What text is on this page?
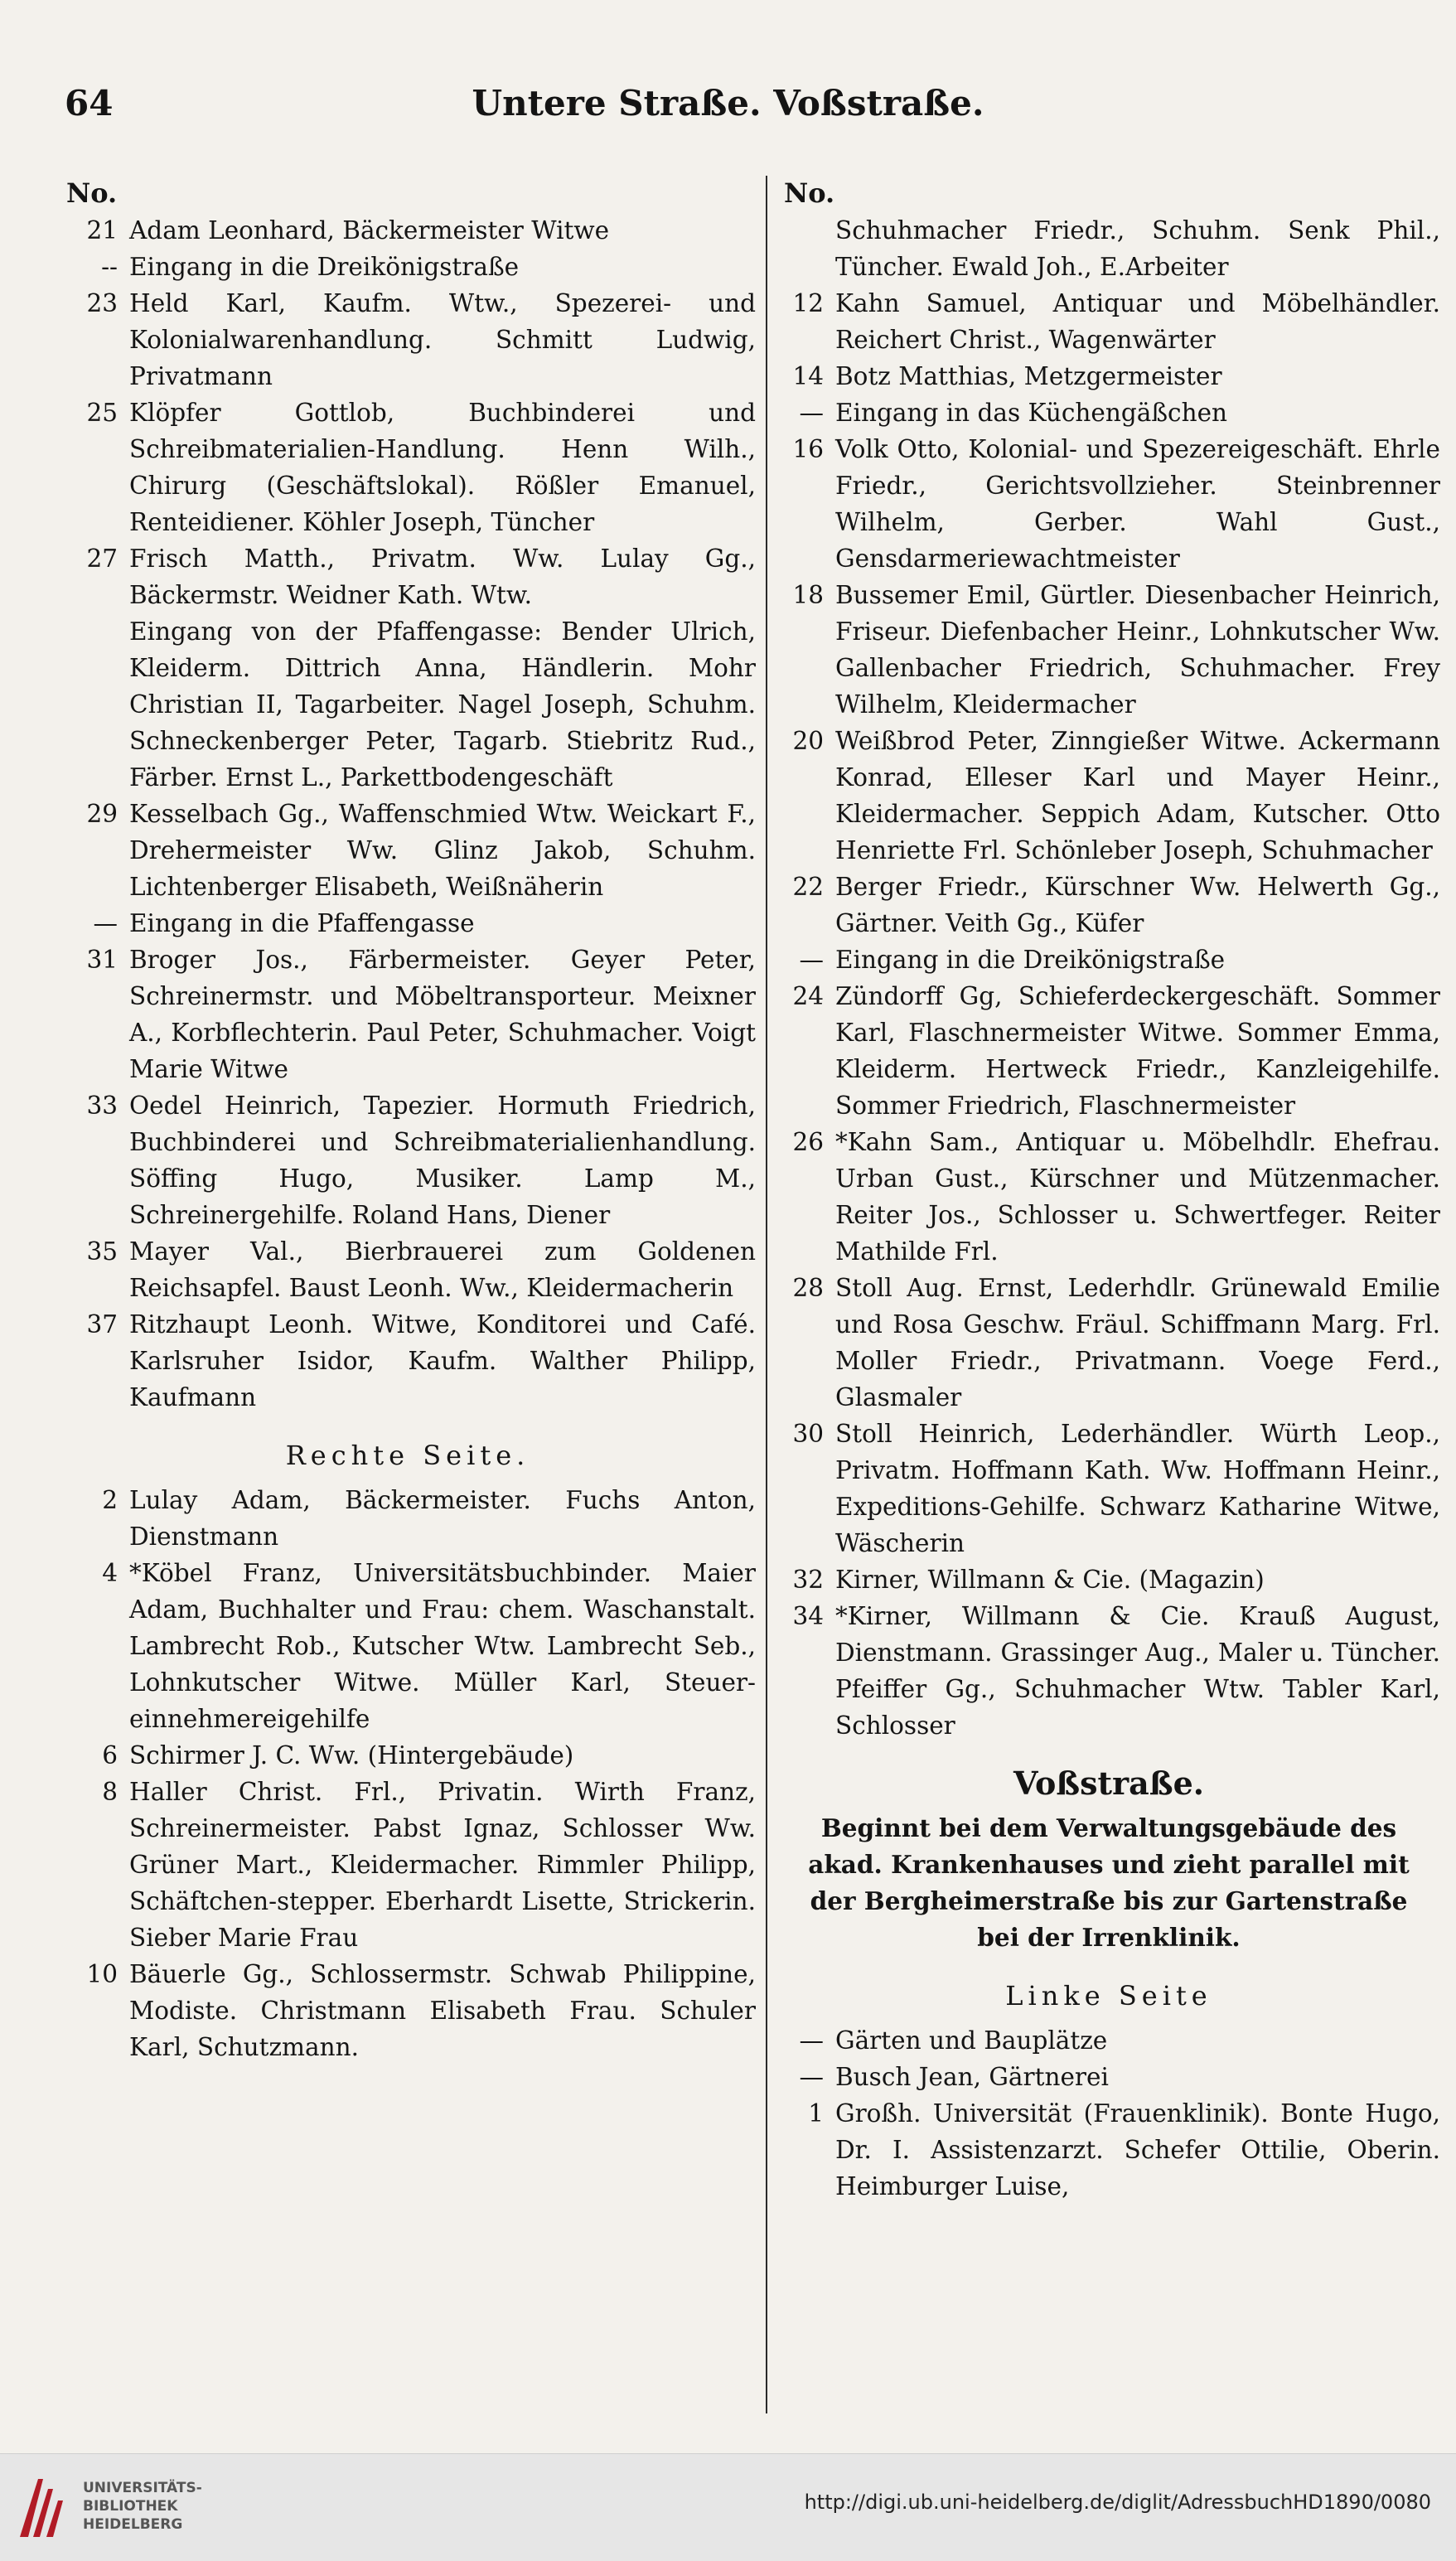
64	Untere Straße. Voßstraße.
No.
21 Adam Leonhard, Bäckermeister Witwe
-- Eingang in die Dreikönigstraße
23 Held Karl, Kaufm. Wtw., Spezerei- und Kolonialwarenhandlung. Schmitt Ludwig, Privatmann
25 Klöpfer Gottlob, Buchbinderei und Schreibmaterialien-Handlung. Henn Wilh., Chirurg (Geschäftslokal). Rößler Emanuel, Renteidiener. Köhler Joseph, Tüncher
27 Frisch Matth., Privatm. Ww. Lulay Gg., Bäckermstr. Weidner Kath. Wtw.
Eingang von der Pfaffengasse: Bender Ulrich, Kleiderm. Dittrich Anna, Händlerin. Mohr Christian II, Tagarbeiter. Nagel Joseph, Schuhm. Schneckenberger Peter, Tagarb. Stiebritz Rud., Färber. Ernst L., Parkettbodengeschäft
29 Kesselbach Gg., Waffenschmied Wtw. Weickart F., Drehermeister Ww. Glinz Jakob, Schuhm. Lichtenberger Elisabeth, Weißnäherin
— Eingang in die Pfaffengasse
31 Broger Jos., Färbermeister. Geyer Peter, Schreinermstr. und Möbeltransporteur. Meixner A., Korbflechterin. Paul Peter, Schuhmacher. Voigt Marie Witwe
33 Oedel Heinrich, Tapezier. Hormuth Friedrich, Buchbinderei und Schreibmaterialienhandlung. Söffing Hugo, Musiker. Lamp M., Schreinergehilfe. Roland Hans, Diener
35 Mayer Val., Bierbrauerei zum Goldenen Reichsapfel. Baust Leonh. Ww., Kleidermacherin
37 Ritzhaupt Leonh. Witwe, Konditorei und Café. Karlsruher Isidor, Kaufm. Walther Philipp, Kaufmann
Rechte Seite.
2 Lulay Adam, Bäckermeister. Fuchs Anton, Dienstmann
4 *Köbel Franz, Universitätsbuchbinder. Maier Adam, Buchhalter und Frau: chem. Waschanstalt. Lambrecht Rob., Kutscher Wtw. Lambrecht Seb., Lohnkutscher Witwe. Müller Karl, Steuer-einnehmereigehilfe
6 Schirmer J. C. Ww. (Hintergebäude)
8 Haller Christ. Frl., Privatin. Wirth Franz, Schreinermeister. Pabst Ignaz, Schlosser Ww. Grüner Mart., Kleidermacher. Rimmler Philipp, Schäftchen-stepper. Eberhardt Lisette, Strickerin. Sieber Marie Frau
10 Bäuerle Gg., Schlossermstr. Schwab Philippine, Modiste. Christmann Elisabeth Frau. Schuler Karl, Schutzmann.
No.
Schuhmacher Friedr., Schuhm. Senk Phil., Tüncher. Ewald Joh., E.Arbeiter
12 Kahn Samuel, Antiquar und Möbelhändler. Reichert Christ., Wagenwärter
14 Botz Matthias, Metzgermeister
— Eingang in das Küchengäßchen
16 Volk Otto, Kolonial- und Spezereigeschäft. Ehrle Friedr., Gerichtsvollzieher. Steinbrenner Wilhelm, Gerber. Wahl Gust., Gensdarmeriewachtmeister
18 Bussemer Emil, Gürtler. Diesenbacher Heinrich, Friseur. Diefenbacher Heinr., Lohnkutscher Ww. Gallenbacher Friedrich, Schuhmacher. Frey Wilhelm, Kleidermacher
20 Weißbrod Peter, Zinngießer Witwe. Ackermann Konrad, Elleser Karl und Mayer Heinr., Kleidermacher. Seppich Adam, Kutscher. Otto Henriette Frl. Schönleber Joseph, Schuhmacher
22 Berger Friedr., Kürschner Ww. Helwerth Gg., Gärtner. Veith Gg., Küfer
— Eingang in die Dreikönigstraße
24 Zündorff Gg, Schieferdeckergeschäft. Sommer Karl, Flaschnermeister Witwe. Sommer Emma, Kleiderm. Hertweck Friedr., Kanzleigehilfe. Sommer Friedrich, Flaschnermeister
26 *Kahn Sam., Antiquar u. Möbelhdlr. Ehefrau. Urban Gust., Kürschner und Mützenmacher. Reiter Jos., Schlosser u. Schwertfeger. Reiter Mathilde Frl.
28 Stoll Aug. Ernst, Lederhdlr. Grünewald Emilie und Rosa Geschw. Fräul. Schiffmann Marg. Frl. Moller Friedr., Privatmann. Voege Ferd., Glasmaler
30 Stoll Heinrich, Lederhändler. Würth Leop., Privatm. Hoffmann Kath. Ww. Hoffmann Heinr., Expeditions-Gehilfe. Schwarz Katharine Witwe, Wäscherin
32 Kirner, Willmann & Cie. (Magazin)
34 *Kirner, Willmann & Cie. Krauß August, Dienstmann. Grassinger Aug., Maler u. Tüncher. Pfeiffer Gg., Schuhmacher Wtw. Tabler Karl, Schlosser
Voßstraße.
Beginnt bei dem Verwaltungsgebäude des akad. Krankenhauses und zieht parallel mit der Bergheimerstraße bis zur Gartenstraße bei der Irrenklinik.
Linke Seite
— Gärten und Bauplätze
— Busch Jean, Gärtnerei
1 Großh. Universität (Frauenklinik). Bonte Hugo, Dr. I. Assistenzarzt. Schefer Ottilie, Oberin. Heimburger Luise,
UNIVERSITÄTS-
BIBLIOTHEK
HEIDELBERG
http://digi.ub.uni-heidelberg.de/diglit/AdressbuchHD1890/0080
